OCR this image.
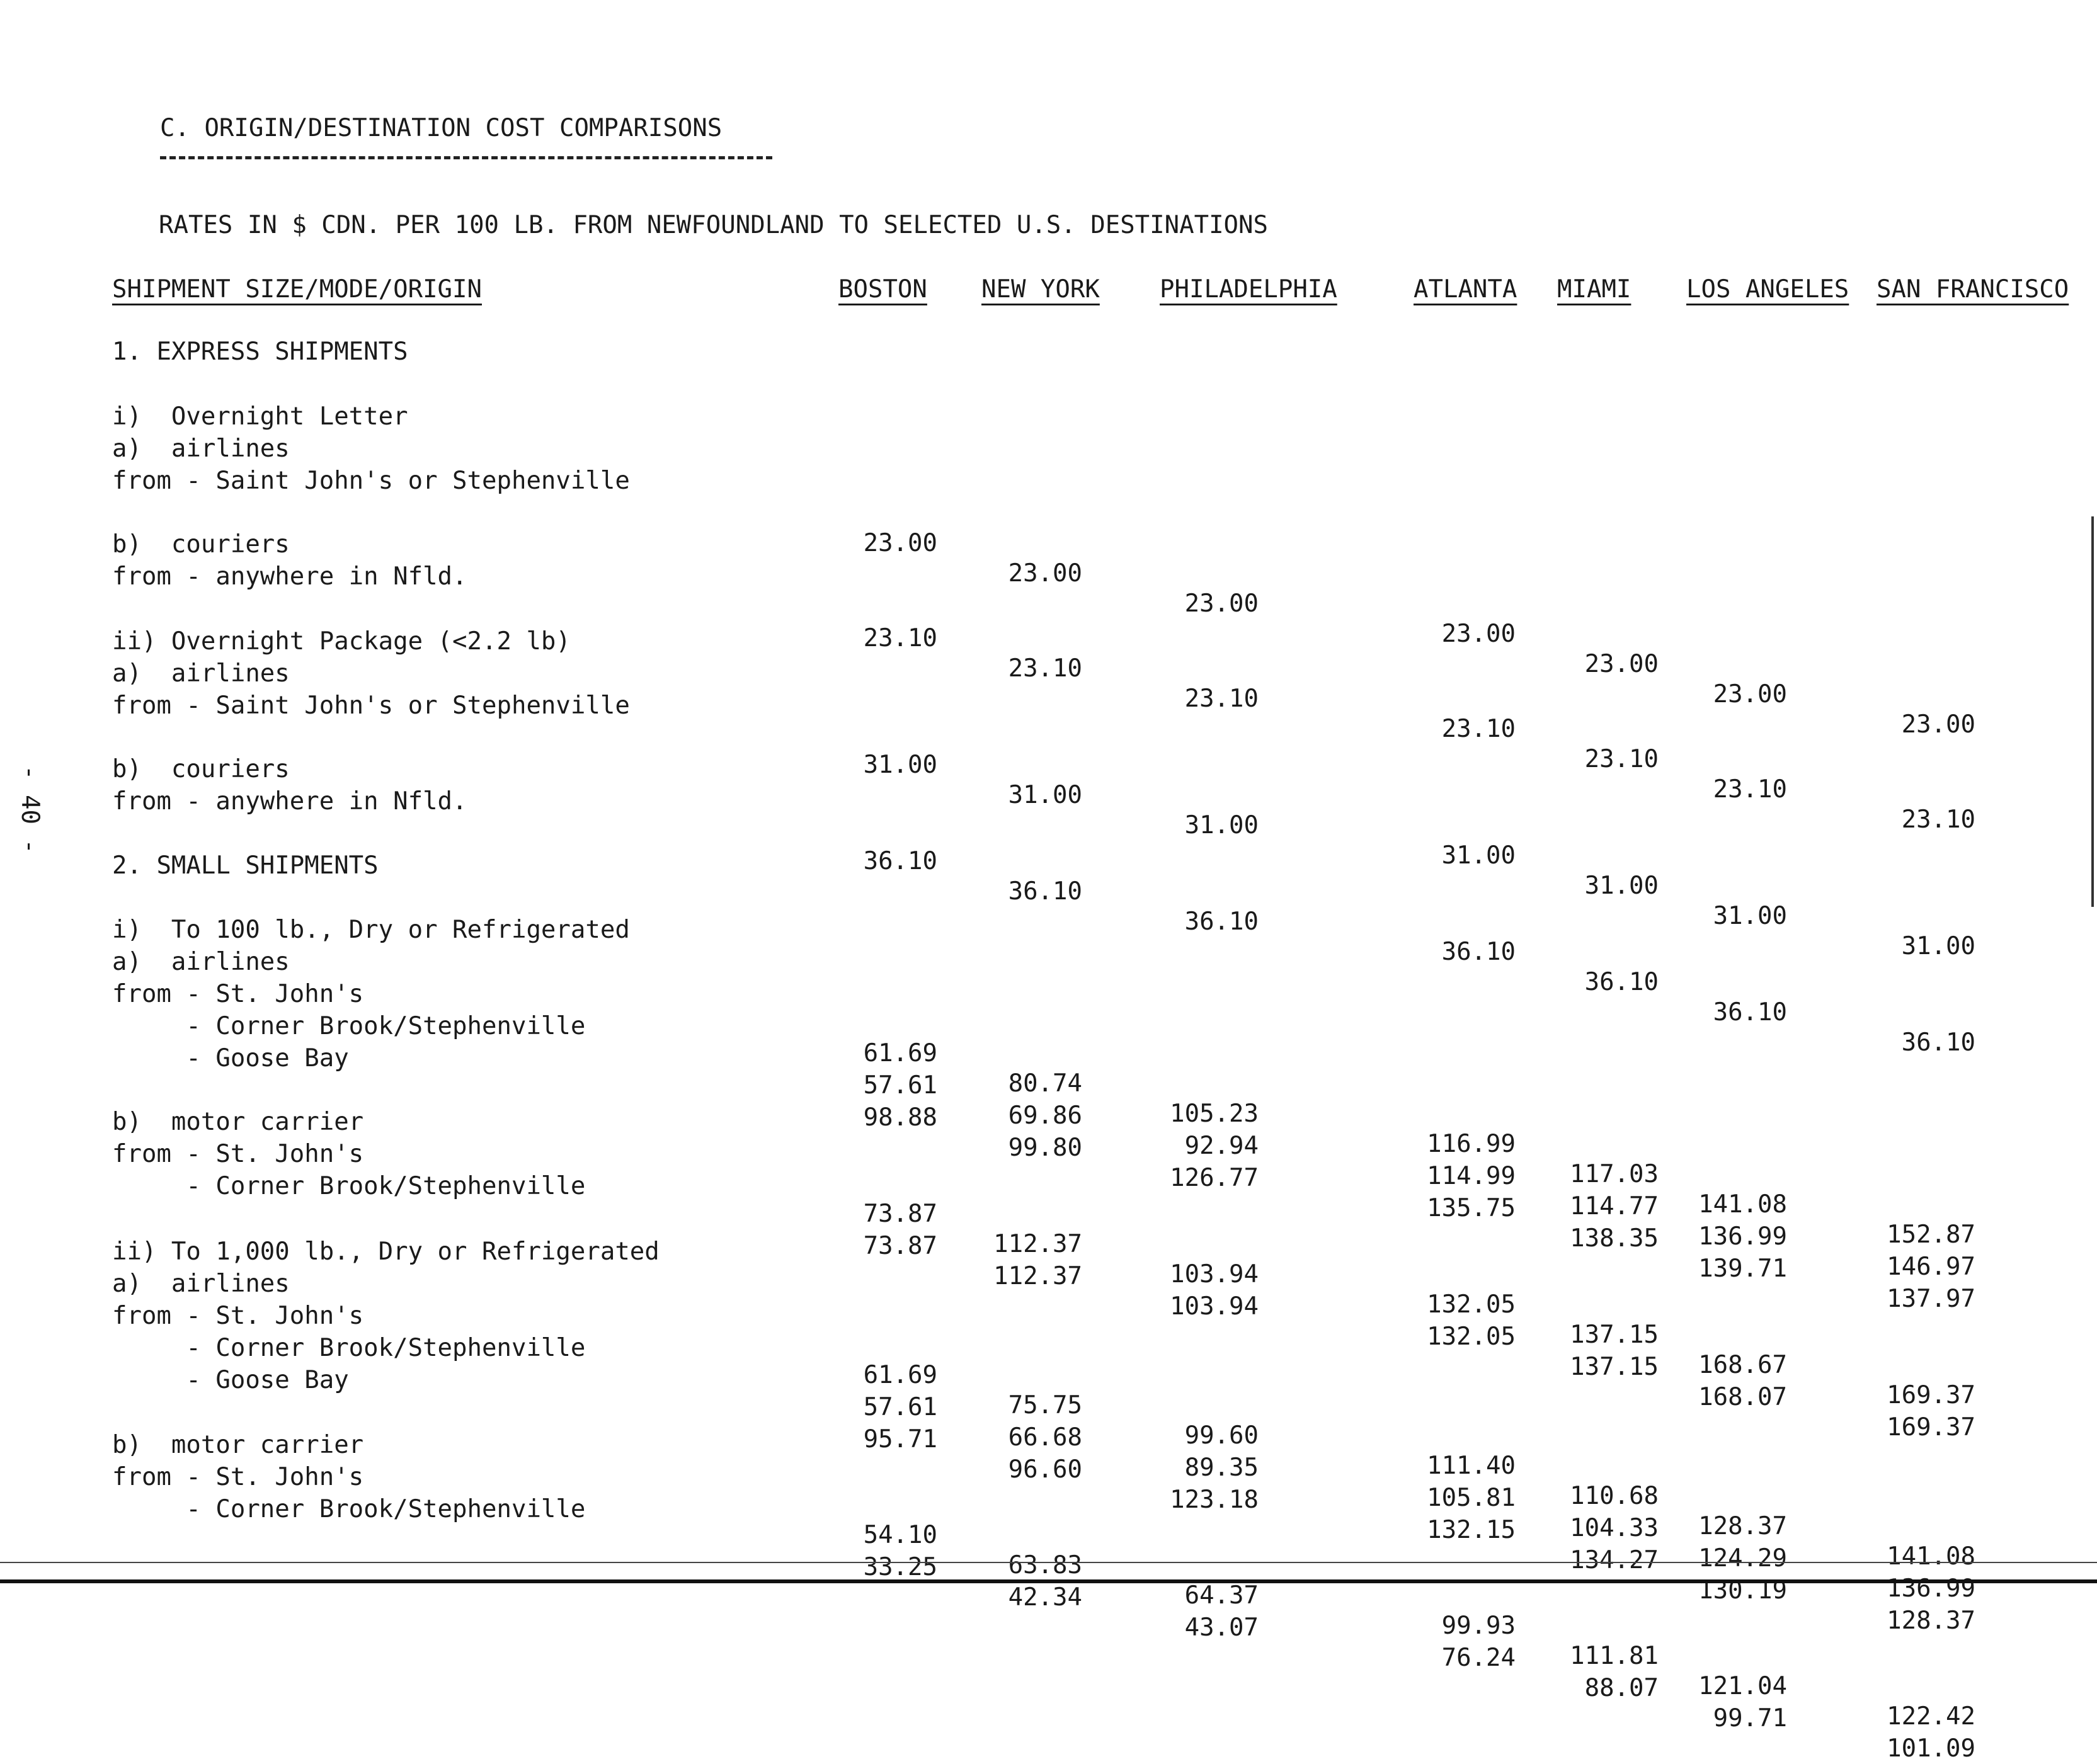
C. ORIGIN/DESTINATION COST COMPARISONS
RATES IN $ CDN. PER 100 LB. FROM NEWFOUNDLAND TO SELECTED U.S. DESTINATIONS
- 40 -
SHIPMENT SIZE/MODE/ORIGIN	BOSTON NEW YORK PHILADELPHIA	ATLANTA MIAMI LOS ANGELES SAN FRANCISCO
1. EXPRESS SHIPMENTS
i)  Overnight Letter
a)  airlines
from - Saint John's or Stephenville
b)  couriers
from - anywhere in Nfld.
ii) Overnight Package (<2.2 lb)
a)  airlines
from - Saint John's or Stephenville
b)  couriers
from - anywhere in Nfld.
2. SMALL SHIPMENTS
i)  To 100 lb., Dry or Refrigerated
a)  airlines
from - St. John's
- Corner Brook/Stephenville
- Goose Bay
b)  motor carrier
from - St. John's
- Corner Brook/Stephenville
ii) To 1,000 lb., Dry or Refrigerated
a)  airlines
from - St. John's
- Corner Brook/Stephenville
- Goose Bay
b)  motor carrier
from - St. John's
- Corner Brook/Stephenville

23.00

23.00

23.00

23.00

23.00

23.00

23.00

23.10

23.10

23.10

23.10

23.10

23.10

23.10

31.00

31.00

31.00

31.00

31.00

31.00

31.00

36.10

36.10

36.10

36.10

36.10

36.10

36.10

61.69

80.74

105.23

116.99

117.03

141.08

152.87

57.61

69.86

92.94

114.99

114.77

136.99

146.97

98.88

99.80

126.77

135.75

138.35

139.71

137.97

73.87

112.37

103.94

132.05

137.15

168.67

169.37

73.87

112.37

103.94

132.05

137.15

168.07

169.37

61.69

75.75

99.60

111.40

110.68

128.37

141.08

57.61

66.68

89.35

105.81

104.33

124.29

136.99

95.71

96.60

123.18

132.15

134.27

130.19

128.37

54.10

63.83

64.37

99.93

111.81

121.04

122.42

33.25

42.34

43.07

76.24

88.07

99.71

101.09
